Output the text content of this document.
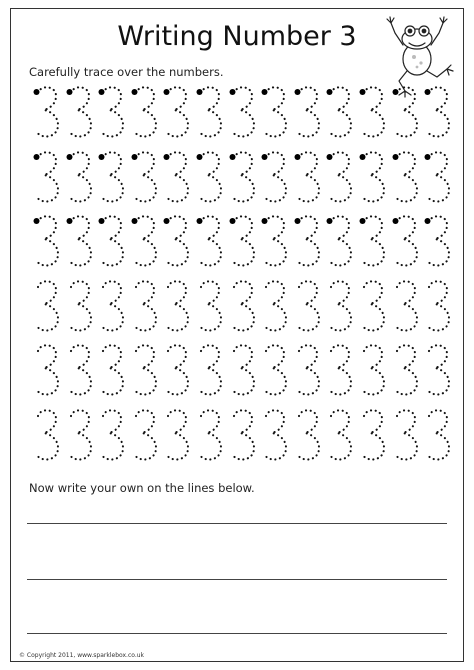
Writing Number 3
Carefully trace over the numbers.
Now write your own on the lines below.
© Copyright 2011, www.sparklebox.co.uk
